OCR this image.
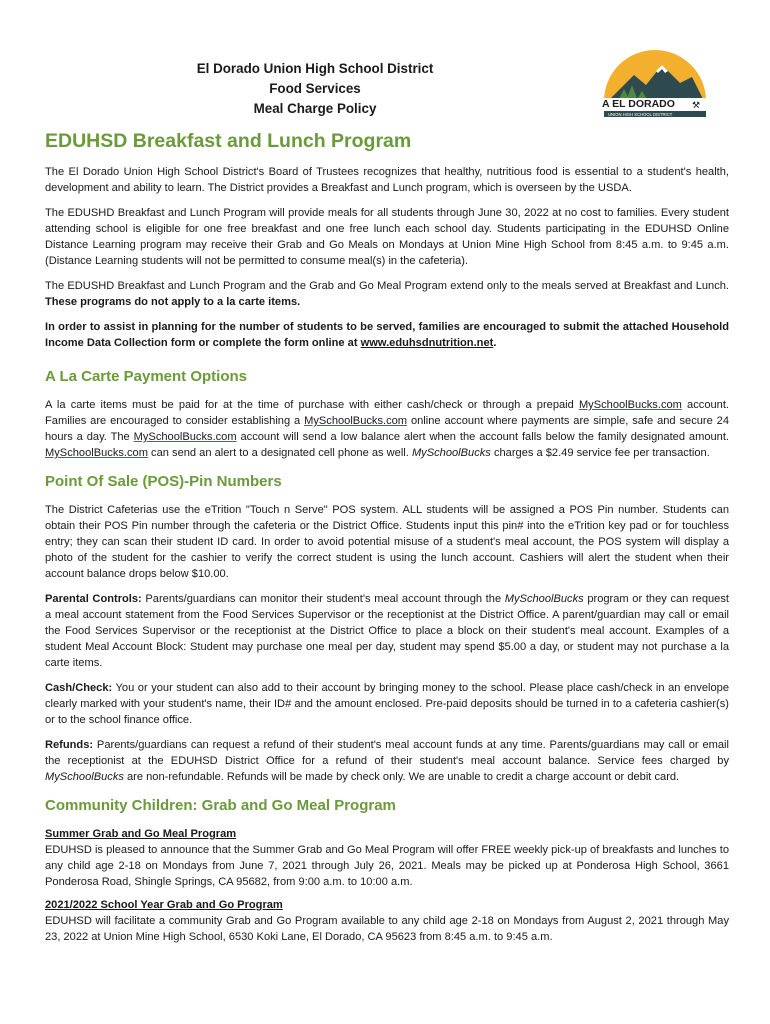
El Dorado Union High School District
Food Services
Meal Charge Policy	A EL DORADO ⚒
UNION HIGH SCHOOL DISTRICT
EDUHSD Breakfast and Lunch Program

The El Dorado Union High School District's Board of Trustees recognizes that healthy, nutritious food is essential to a student's health, development and ability to learn. The District provides a Breakfast and Lunch program, which is overseen by the USDA.

The EDUSHD Breakfast and Lunch Program will provide meals for all students through June 30, 2022 at no cost to families. Every student attending school is eligible for one free breakfast and one free lunch each school day. Students participating in the EDUHSD Online Distance Learning program may receive their Grab and Go Meals on Mondays at Union Mine High School from 8:45 a.m. to 9:45 a.m. (Distance Learning students will not be permitted to consume meal(s) in the cafeteria).

The EDUSHD Breakfast and Lunch Program and the Grab and Go Meal Program extend only to the meals served at Breakfast and Lunch. These programs do not apply to a la carte items.

In order to assist in planning for the number of students to be served, families are encouraged to submit the attached Household Income Data Collection form or complete the form online at www.eduhsdnutrition.net.

A La Carte Payment Options

A la carte items must be paid for at the time of purchase with either cash/check or through a prepaid MySchoolBucks.com account. Families are encouraged to consider establishing a MySchoolBucks.com online account where payments are simple, safe and secure 24 hours a day. The MySchoolBucks.com account will send a low balance alert when the account falls below the family designated amount. MySchoolBucks.com can send an alert to a designated cell phone as well. MySchoolBucks charges a $2.49 service fee per transaction.

Point Of Sale (POS)-Pin Numbers

The District Cafeterias use the eTrition "Touch n Serve" POS system. ALL students will be assigned a POS Pin number. Students can obtain their POS Pin number through the cafeteria or the District Office. Students input this pin# into the eTrition key pad or for touchless entry; they can scan their student ID card. In order to avoid potential misuse of a student's meal account, the POS system will display a photo of the student for the cashier to verify the correct student is using the lunch account. Cashiers will alert the student when their account balance drops below $10.00.

Parental Controls: Parents/guardians can monitor their student's meal account through the MySchoolBucks program or they can request a meal account statement from the Food Services Supervisor or the receptionist at the District Office. A parent/guardian may call or email the Food Services Supervisor or the receptionist at the District Office to place a block on their student's meal account. Examples of a student Meal Account Block: Student may purchase one meal per day, student may spend $5.00 a day, or student may not purchase a la carte items.

Cash/Check: You or your student can also add to their account by bringing money to the school. Please place cash/check in an envelope clearly marked with your student's name, their ID# and the amount enclosed. Pre-paid deposits should be turned in to a cafeteria cashier(s) or to the school finance office.

Refunds: Parents/guardians can request a refund of their student's meal account funds at any time. Parents/guardians may call or email the receptionist at the EDUHSD District Office for a refund of their student's meal account balance. Service fees charged by MySchoolBucks are non-refundable. Refunds will be made by check only. We are unable to credit a charge account or debit card.

Community Children: Grab and Go Meal Program

Summer Grab and Go Meal Program
EDUHSD is pleased to announce that the Summer Grab and Go Meal Program will offer FREE weekly pick-up of breakfasts and lunches to any child age 2-18 on Mondays from June 7, 2021 through July 26, 2021. Meals may be picked up at Ponderosa High School, 3661 Ponderosa Road, Shingle Springs, CA 95682, from 9:00 a.m. to 10:00 a.m.

2021/2022 School Year Grab and Go Program
EDUHSD will facilitate a community Grab and Go Program available to any child age 2-18 on Mondays from August 2, 2021 through May 23, 2022 at Union Mine High School, 6530 Koki Lane, El Dorado, CA 95623 from 8:45 a.m. to 9:45 a.m.
